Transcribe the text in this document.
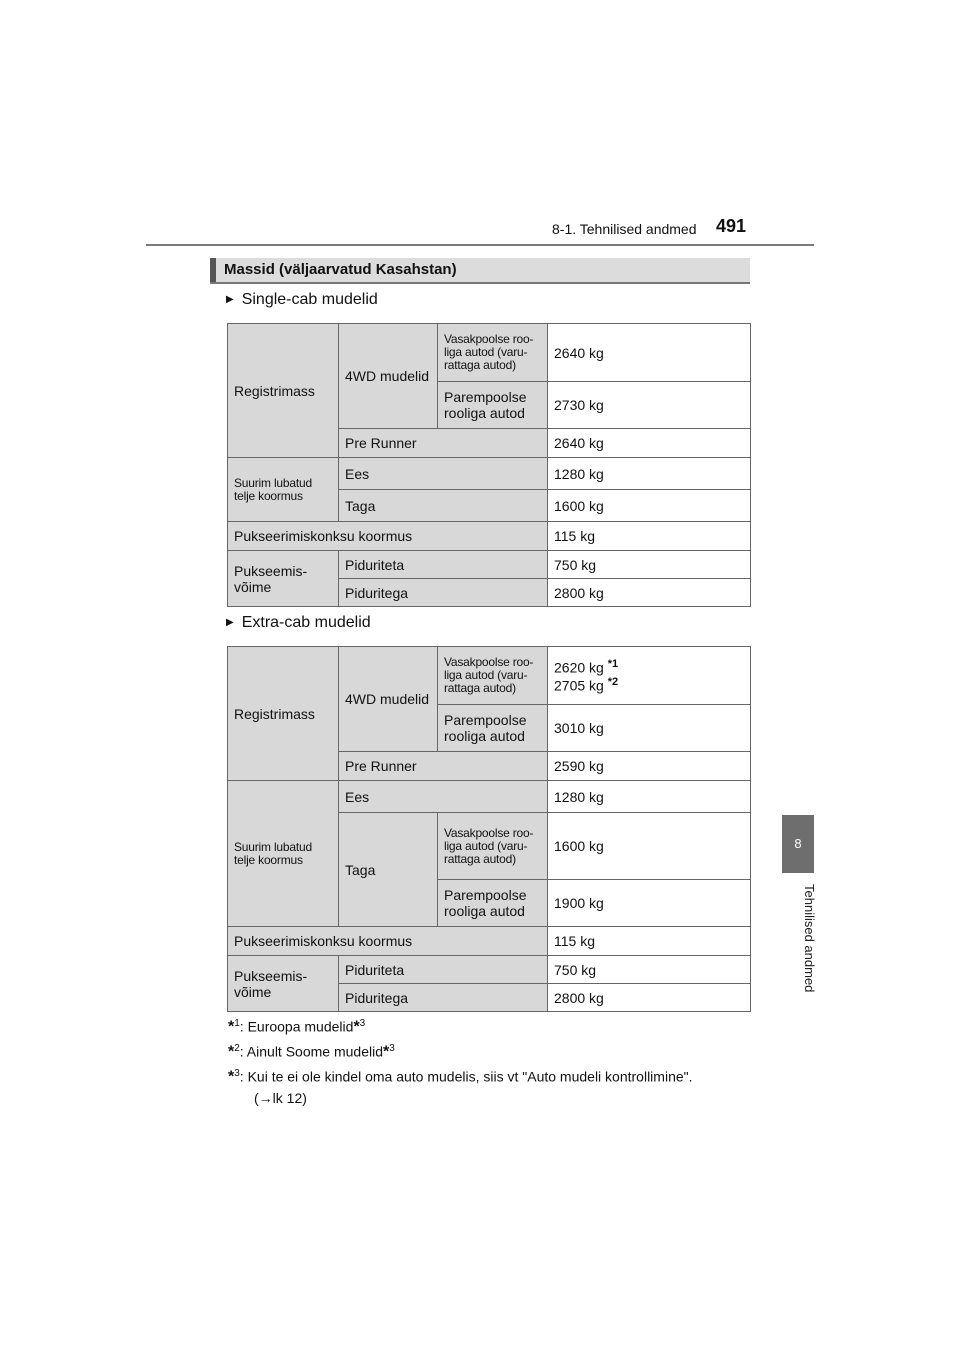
8-1. Tehnilised andmed 491
8
Tehnilised andmed
Massid (väljaarvatud Kasahstan)
▶ Single-cab mudelid
Registrimass	4WD mudelid	Vasakpoolse roo-liga autod (varu-rattaga autod)	2640 kg
		Parempoolse rooliga autod	2730 kg
	Pre Runner		2640 kg
Suurim lubatud telje koormus	Ees		1280 kg
	Taga		1600 kg
Pukseerimiskonksu koormus			115 kg
Pukseemis-võime	Piduriteta		750 kg
	Piduritega		2800 kg
▶ Extra-cab mudelid
Registrimass	4WD mudelid	Vasakpoolse roo-liga autod (varu-rattaga autod)	2620 kg $^{*1}$
2705 kg $^{*2}$

		Parempoolse rooliga autod	3010 kg
	Pre Runner		2590 kg
Suurim lubatud telje koormus	Ees		1280 kg
	Taga	Vasakpoolse roo-liga autod (varu-rattaga autod)	1600 kg
		Parempoolse rooliga autod	1900 kg
Pukseerimiskonksu koormus			115 kg
Pukseemis-võime	Piduriteta		750 kg
	Piduritega		2800 kg
*$^1$: Euroopa mudelid*$^3$
*$^2$: Ainult Soome mudelid*$^3$
*$^3$: Kui te ei ole kindel oma auto mudelis, siis vt "Auto mudeli kontrollimine".
(→lk 12)
